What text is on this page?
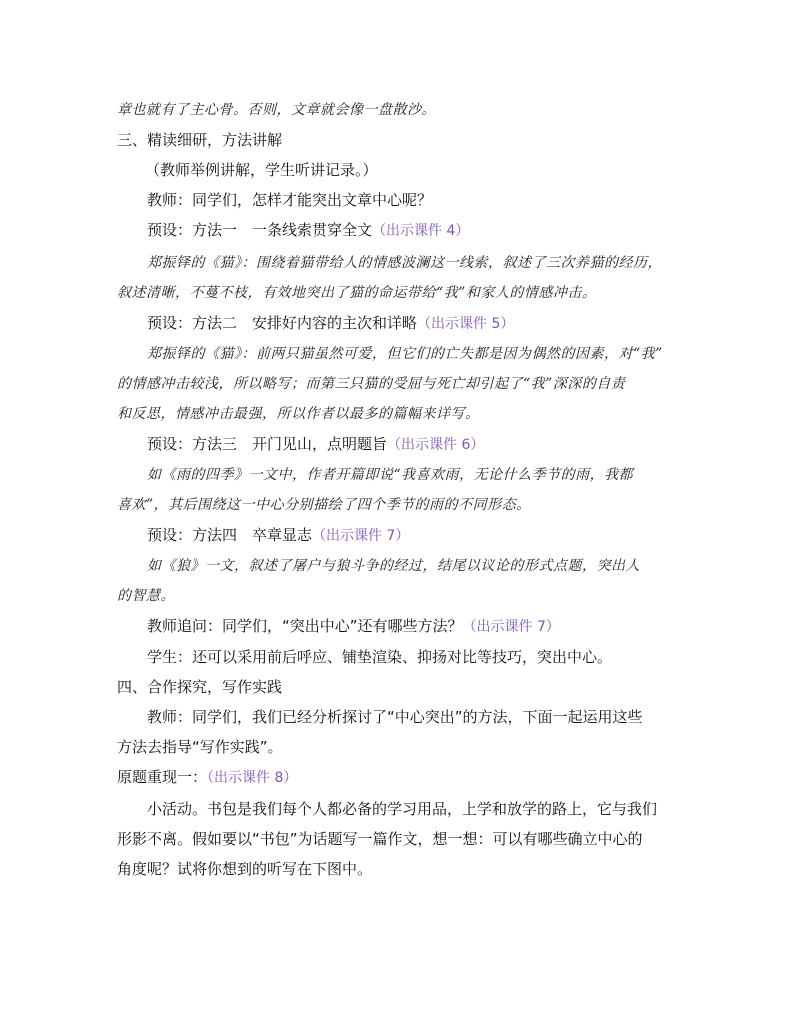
章也就有了主心骨。否则，文章就会像一盘散沙。
三、精读细研，方法讲解
（教师举例讲解，学生听讲记录。）
教师：同学们，怎样才能突出文章中心呢？
预设：方法一　一条线索贯穿全文（出示课件 4）
郑振铎的《猫》：围绕着猫带给人的情感波澜这一线索，叙述了三次养猫的经历，
叙述清晰，不蔓不枝，有效地突出了猫的命运带给“我”和家人的情感冲击。
预设：方法二　安排好内容的主次和详略（出示课件 5）
郑振铎的《猫》：前两只猫虽然可爱，但它们的亡失都是因为偶然的因素，对“我”
的情感冲击较浅，所以略写；而第三只猫的受屈与死亡却引起了“我”深深的自责
和反思，情感冲击最强，所以作者以最多的篇幅来详写。
预设：方法三　开门见山，点明题旨（出示课件 6）
如《雨的四季》一文中，作者开篇即说“我喜欢雨，无论什么季节的雨，我都
喜欢”，其后围绕这一中心分别描绘了四个季节的雨的不同形态。
预设：方法四　卒章显志（出示课件 7）
如《狼》一文，叙述了屠户与狼斗争的经过，结尾以议论的形式点题，突出人
的智慧。
教师追问：同学们，“突出中心”还有哪些方法？（出示课件 7）
学生：还可以采用前后呼应、铺垫渲染、抑扬对比等技巧，突出中心。
四、合作探究，写作实践
教师：同学们，我们已经分析探讨了“中心突出”的方法，下面一起运用这些
方法去指导“写作实践”。
原题重现一：（出示课件 8）
小活动。书包是我们每个人都必备的学习用品，上学和放学的路上，它与我们
形影不离。假如要以“书包”为话题写一篇作文，想一想：可以有哪些确立中心的
角度呢？试将你想到的听写在下图中。
